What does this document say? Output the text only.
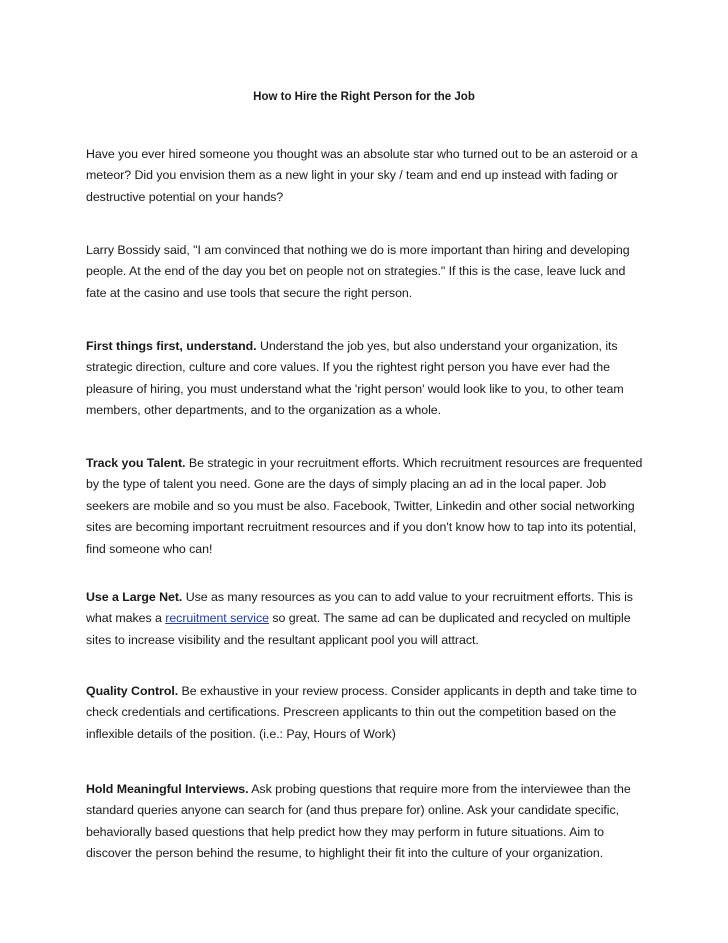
How to Hire the Right Person for the Job

Have you ever hired someone you thought was an absolute star who turned out to be an asteroid or a meteor? Did you envision them as a new light in your sky / team and end up instead with fading or destructive potential on your hands?

Larry Bossidy said, "I am convinced that nothing we do is more important than hiring and developing people. At the end of the day you bet on people not on strategies." If this is the case, leave luck and fate at the casino and use tools that secure the right person.

First things first, understand. Understand the job yes, but also understand your organization, its strategic direction, culture and core values. If you the rightest right person you have ever had the pleasure of hiring, you must understand what the 'right person' would look like to you, to other team members, other departments, and to the organization as a whole.

Track you Talent. Be strategic in your recruitment efforts. Which recruitment resources are frequented by the type of talent you need. Gone are the days of simply placing an ad in the local paper. Job seekers are mobile and so you must be also. Facebook, Twitter, Linkedin and other social networking sites are becoming important recruitment resources and if you don't know how to tap into its potential, find someone who can!

Use a Large Net. Use as many resources as you can to add value to your recruitment efforts. This is what makes a recruitment service so great. The same ad can be duplicated and recycled on multiple sites to increase visibility and the resultant applicant pool you will attract.

Quality Control. Be exhaustive in your review process. Consider applicants in depth and take time to check credentials and certifications. Prescreen applicants to thin out the competition based on the inflexible details of the position. (i.e.: Pay, Hours of Work)

Hold Meaningful Interviews. Ask probing questions that require more from the interviewee than the standard queries anyone can search for (and thus prepare for) online. Ask your candidate specific, behaviorally based questions that help predict how they may perform in future situations. Aim to discover the person behind the resume, to highlight their fit into the culture of your organization.
